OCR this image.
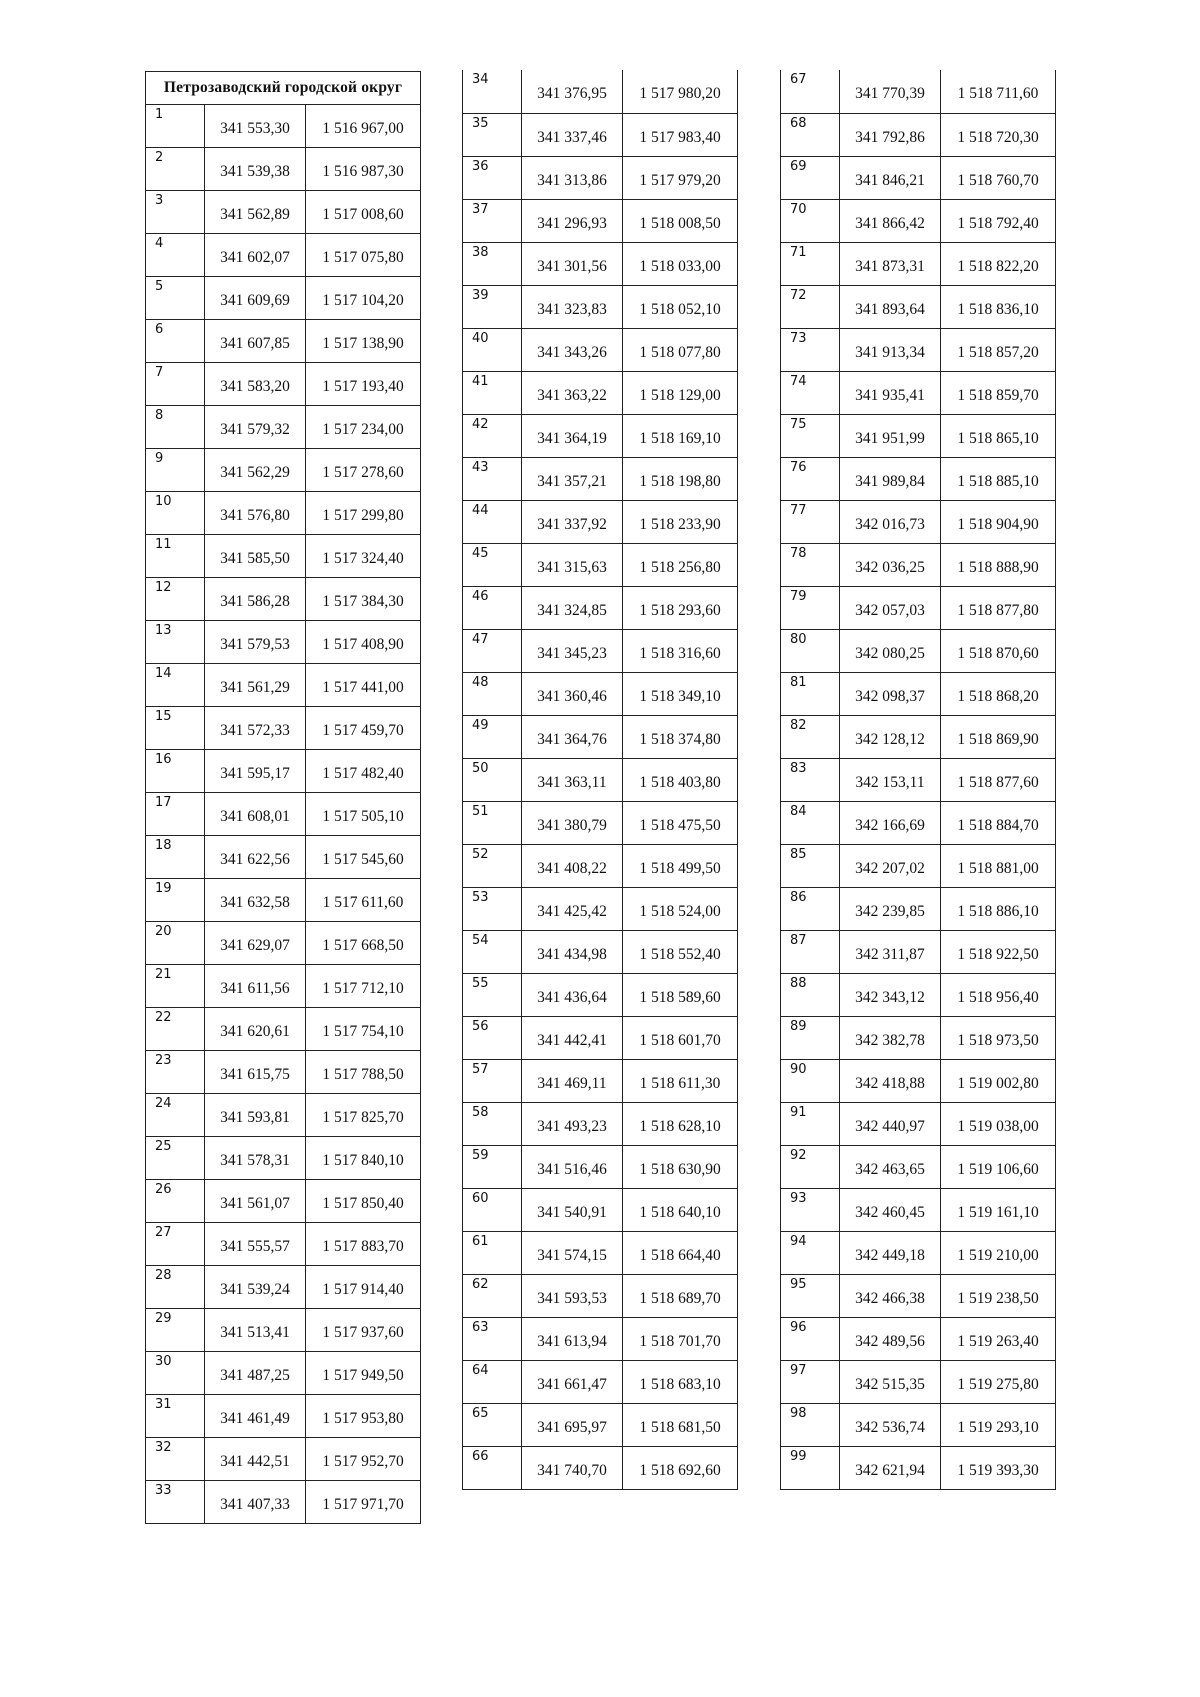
Петрозаводский городской округ		
1	341 553,30	1 516 967,00
2	341 539,38	1 516 987,30
3	341 562,89	1 517 008,60
4	341 602,07	1 517 075,80
5	341 609,69	1 517 104,20
6	341 607,85	1 517 138,90
7	341 583,20	1 517 193,40
8	341 579,32	1 517 234,00
9	341 562,29	1 517 278,60
10	341 576,80	1 517 299,80
11	341 585,50	1 517 324,40
12	341 586,28	1 517 384,30
13	341 579,53	1 517 408,90
14	341 561,29	1 517 441,00
15	341 572,33	1 517 459,70
16	341 595,17	1 517 482,40
17	341 608,01	1 517 505,10
18	341 622,56	1 517 545,60
19	341 632,58	1 517 611,60
20	341 629,07	1 517 668,50
21	341 611,56	1 517 712,10
22	341 620,61	1 517 754,10
23	341 615,75	1 517 788,50
24	341 593,81	1 517 825,70
25	341 578,31	1 517 840,10
26	341 561,07	1 517 850,40
27	341 555,57	1 517 883,70
28	341 539,24	1 517 914,40
29	341 513,41	1 517 937,60
30	341 487,25	1 517 949,50
31	341 461,49	1 517 953,80
32	341 442,51	1 517 952,70
33	341 407,33	1 517 971,70
34	341 376,95	1 517 980,20
35	341 337,46	1 517 983,40
36	341 313,86	1 517 979,20
37	341 296,93	1 518 008,50
38	341 301,56	1 518 033,00
39	341 323,83	1 518 052,10
40	341 343,26	1 518 077,80
41	341 363,22	1 518 129,00
42	341 364,19	1 518 169,10
43	341 357,21	1 518 198,80
44	341 337,92	1 518 233,90
45	341 315,63	1 518 256,80
46	341 324,85	1 518 293,60
47	341 345,23	1 518 316,60
48	341 360,46	1 518 349,10
49	341 364,76	1 518 374,80
50	341 363,11	1 518 403,80
51	341 380,79	1 518 475,50
52	341 408,22	1 518 499,50
53	341 425,42	1 518 524,00
54	341 434,98	1 518 552,40
55	341 436,64	1 518 589,60
56	341 442,41	1 518 601,70
57	341 469,11	1 518 611,30
58	341 493,23	1 518 628,10
59	341 516,46	1 518 630,90
60	341 540,91	1 518 640,10
61	341 574,15	1 518 664,40
62	341 593,53	1 518 689,70
63	341 613,94	1 518 701,70
64	341 661,47	1 518 683,10
65	341 695,97	1 518 681,50
66	341 740,70	1 518 692,60
67	341 770,39	1 518 711,60
68	341 792,86	1 518 720,30
69	341 846,21	1 518 760,70
70	341 866,42	1 518 792,40
71	341 873,31	1 518 822,20
72	341 893,64	1 518 836,10
73	341 913,34	1 518 857,20
74	341 935,41	1 518 859,70
75	341 951,99	1 518 865,10
76	341 989,84	1 518 885,10
77	342 016,73	1 518 904,90
78	342 036,25	1 518 888,90
79	342 057,03	1 518 877,80
80	342 080,25	1 518 870,60
81	342 098,37	1 518 868,20
82	342 128,12	1 518 869,90
83	342 153,11	1 518 877,60
84	342 166,69	1 518 884,70
85	342 207,02	1 518 881,00
86	342 239,85	1 518 886,10
87	342 311,87	1 518 922,50
88	342 343,12	1 518 956,40
89	342 382,78	1 518 973,50
90	342 418,88	1 519 002,80
91	342 440,97	1 519 038,00
92	342 463,65	1 519 106,60
93	342 460,45	1 519 161,10
94	342 449,18	1 519 210,00
95	342 466,38	1 519 238,50
96	342 489,56	1 519 263,40
97	342 515,35	1 519 275,80
98	342 536,74	1 519 293,10
99	342 621,94	1 519 393,30
